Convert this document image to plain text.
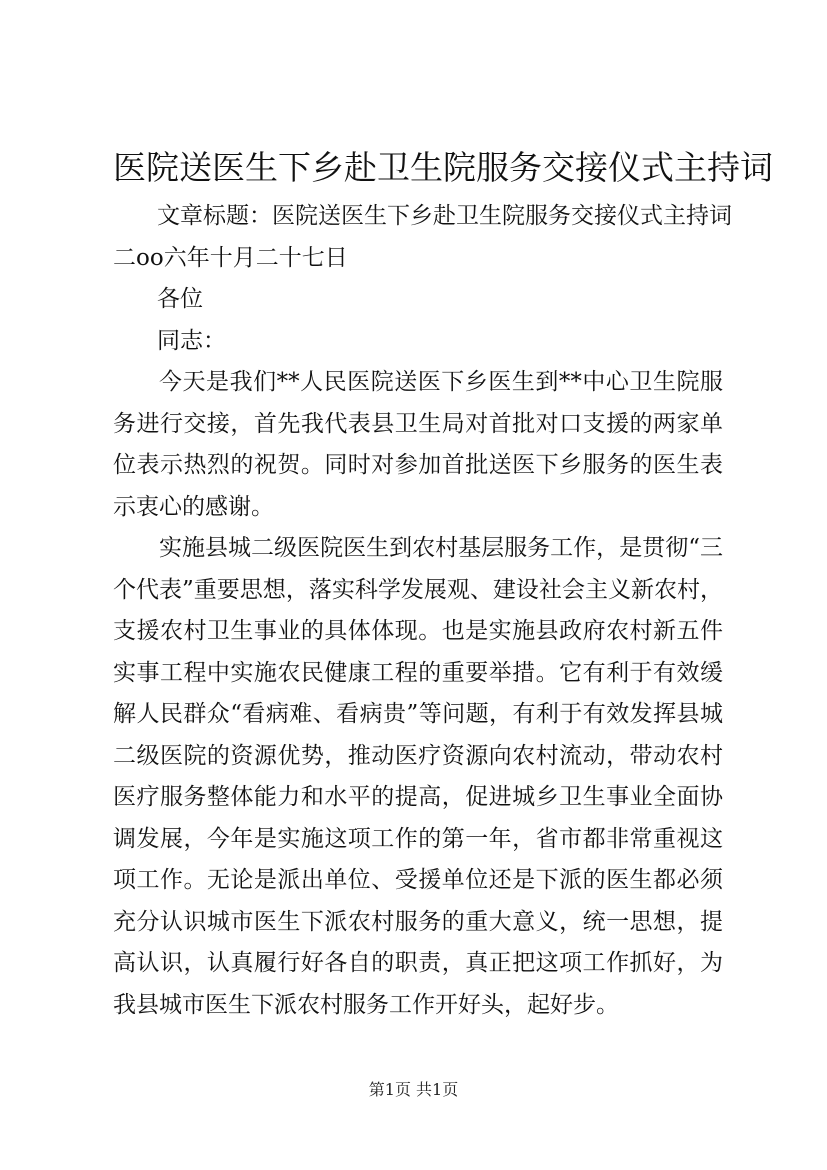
医院送医生下乡赴卫生院服务交接仪式主持词

文章标题：医院送医生下乡赴卫生院服务交接仪式主持词

二oo六年十月二十七日

各位

同志：

今天是我们**人民医院送医下乡医生到**中心卫生院服务进行交接，首先我代表县卫生局对首批对口支援的两家单位表示热烈的祝贺。同时对参加首批送医下乡服务的医生表示衷心的感谢。

实施县城二级医院医生到农村基层服务工作，是贯彻“三个代表”重要思想，落实科学发展观、建设社会主义新农村，支援农村卫生事业的具体体现。也是实施县政府农村新五件实事工程中实施农民健康工程的重要举措。它有利于有效缓解人民群众“看病难、看病贵”等问题，有利于有效发挥县城二级医院的资源优势，推动医疗资源向农村流动，带动农村医疗服务整体能力和水平的提高，促进城乡卫生事业全面协调发展，今年是实施这项工作的第一年，省市都非常重视这项工作。无论是派出单位、受援单位还是下派的医生都必须充分认识城市医生下派农村服务的重大意义，统一思想，提高认识，认真履行好各自的职责，真正把这项工作抓好，为我县城市医生下派农村服务工作开好头，起好步。

第1页 共1页
